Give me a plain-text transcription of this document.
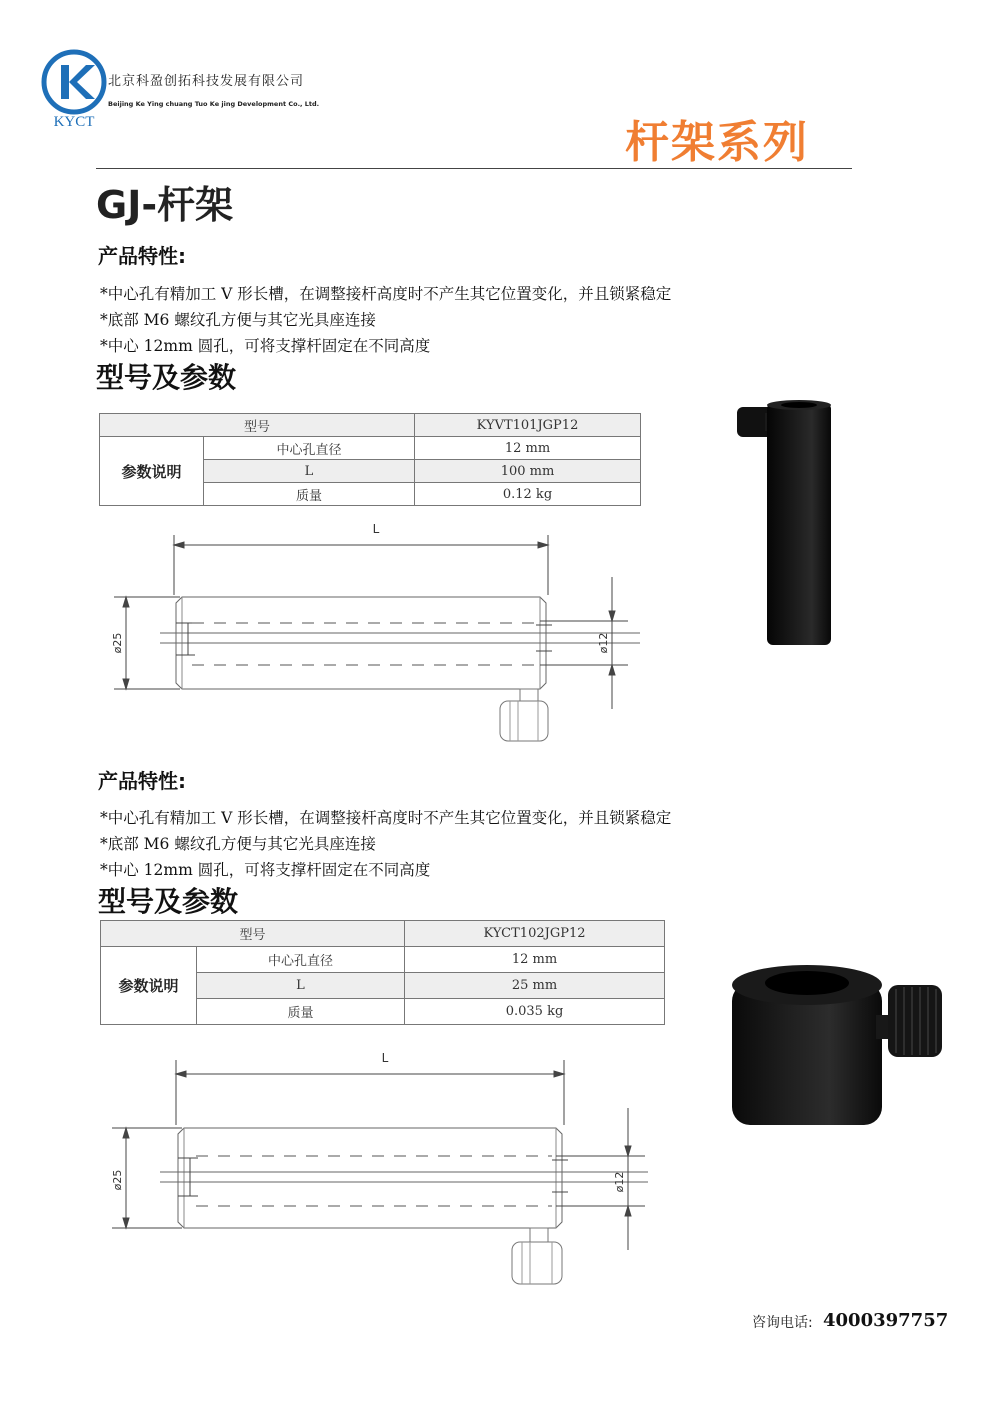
KYCT
北京科盈创拓科技发展有限公司
Beijing Ke Ying chuang Tuo Ke jing Development Co., Ltd.
杆架系列
GJ-杆架
产品特性:
*中心孔有精加工 V 形长槽，在调整接杆高度时不产生其它位置变化，并且锁紧稳定
*底部 M6 螺纹孔方便与其它光具座连接
*中心 12mm 圆孔，可将支撑杆固定在不同高度
型号及参数
型号		KYVT101JGP12
参数说明	中心孔直径	12 mm
	L	100 mm
	质量	0.12 kg
L
ø25	ø12
产品特性:
*中心孔有精加工 V 形长槽，在调整接杆高度时不产生其它位置变化，并且锁紧稳定
*底部 M6 螺纹孔方便与其它光具座连接
*中心 12mm 圆孔，可将支撑杆固定在不同高度
型号及参数
型号		KYCT102JGP12
参数说明	中心孔直径	12 mm
	L	25 mm
	质量	0.035 kg
L
ø25	ø12
咨询电话: 4000397757
